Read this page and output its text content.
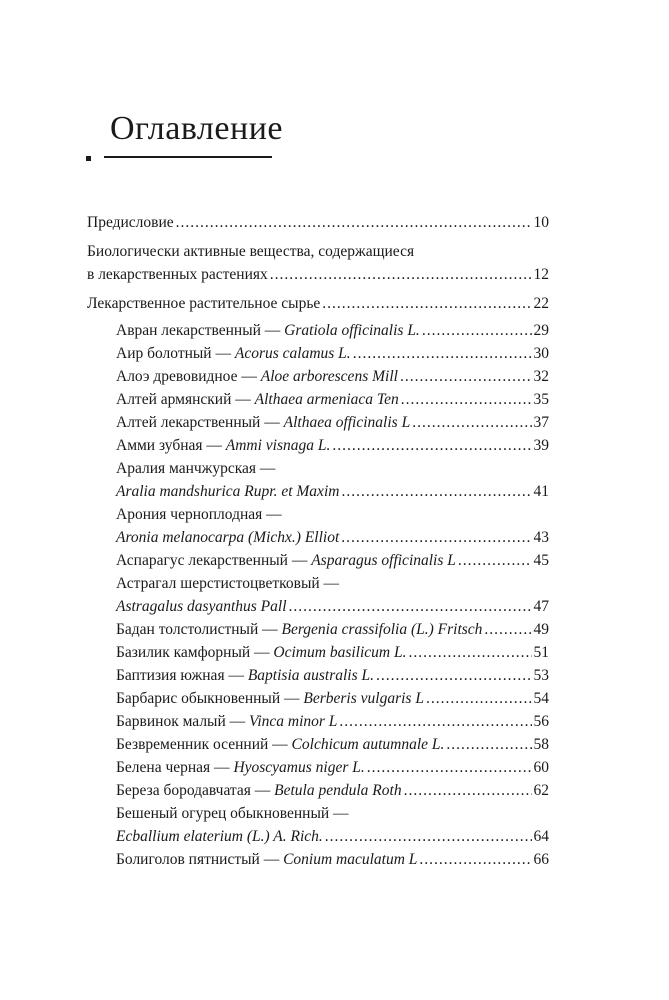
Оглавление
Предисловие .....	10
Биологически активные вещества, содержащиеся
в лекарственных растениях .....	12
Лекарственное растительное сырье .....	22
Авран лекарственный — Gratiola officinalis L. .....	29
Аир болотный — Acorus calamus L. .....	30
Алоэ древовидное — Aloe arborescens Mill .....	32
Алтей армянский — Althaea armeniaca Ten .....	35
Алтей лекарственный — Althaea officinalis L .....	37
Амми зубная — Ammi visnaga L. .....	39
Аралия манчжурская —
Aralia mandshurica Rupr. et Maxim .....	41
Арония черноплодная —
Aronia melanocarpa (Michx.) Elliot .....	43
Аспарагус лекарственный — Asparagus officinalis L .....	45
Астрагал шерстистоцветковый —
Astragalus dasyanthus Pall .....	47
Бадан толстолистный — Bergenia crassifolia (L.) Fritsch .....	49
Базилик камфорный — Ocimum basilicum L. .....	51
Баптизия южная — Baptisia australis L. .....	53
Барбарис обыкновенный — Berberis vulgaris L .....	54
Барвинок малый — Vinca minor L .....	56
Безвременник осенний — Colchicum autumnale L. .....	58
Белена черная — Hyoscyamus niger L. .....	60
Береза бородавчатая — Betula pendula Roth .....	62
Бешеный огурец обыкновенный —
Ecballium elaterium (L.) A. Rich. .....	64
Болиголов пятнистый — Conium maculatum L .....	66
